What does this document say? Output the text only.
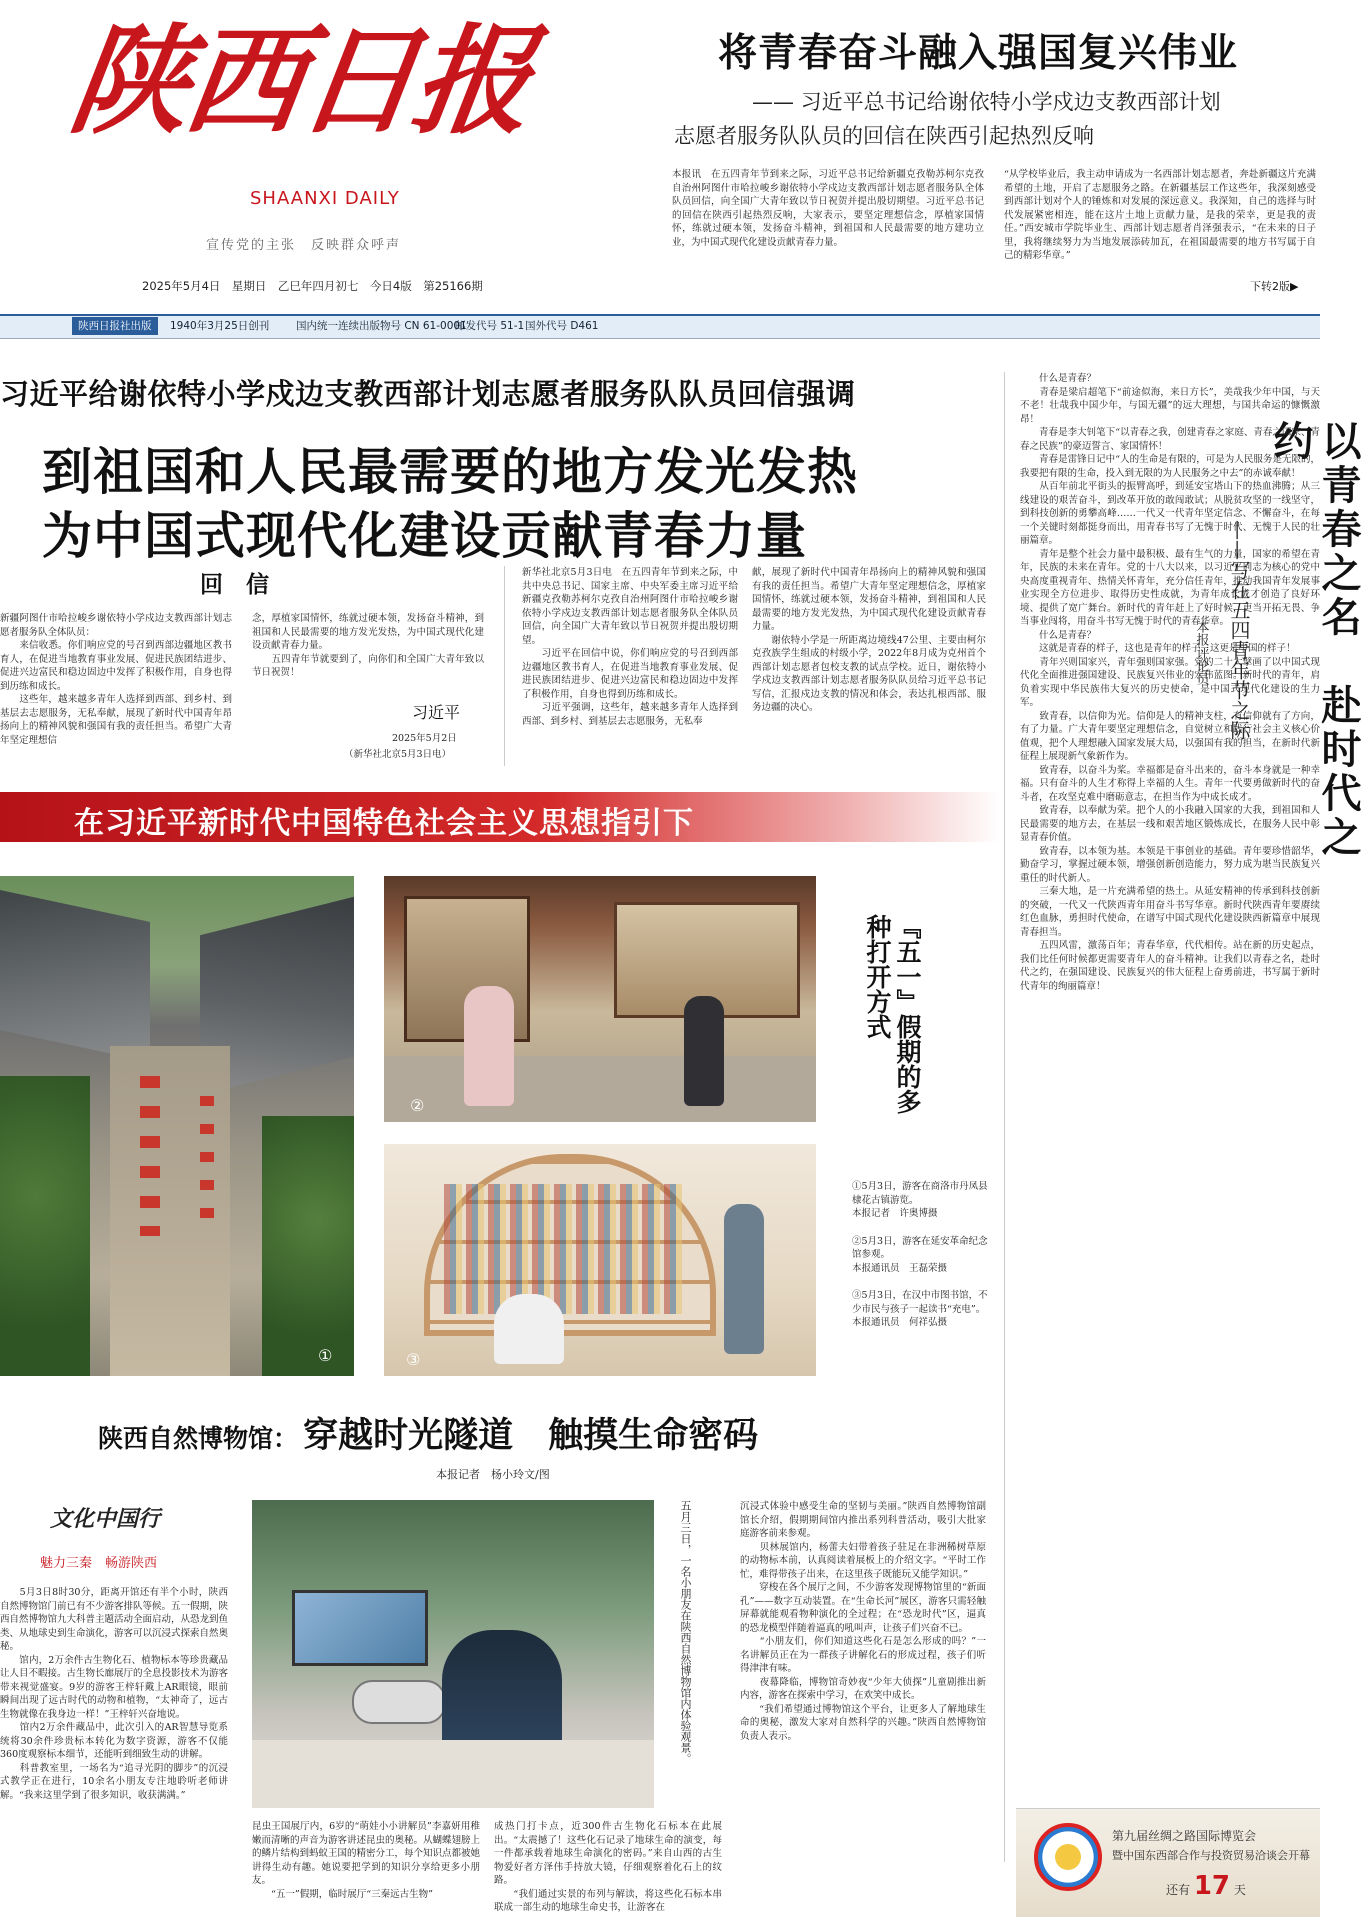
陕西日报
SHAANXI DAILY
宣传党的主张　反映群众呼声
2025年5月4日　星期日　乙巳年四月初七　今日4版　第25166期
将青春奋斗融入强国复兴伟业
—— 习近平总书记给谢依特小学戍边支教西部计划
志愿者服务队队员的回信在陕西引起热烈反响
本报讯　在五四青年节到来之际，习近平总书记给新疆克孜勒苏柯尔克孜自治州阿图什市哈拉峻乡谢依特小学戍边支教西部计划志愿者服务队全体队员回信，向全国广大青年致以节日祝贺并提出殷切期望。习近平总书记的回信在陕西引起热烈反响，大家表示，要坚定理想信念，厚植家国情怀，练就过硬本领，发扬奋斗精神，到祖国和人民最需要的地方建功立业，为中国式现代化建设贡献青春力量。
“从学校毕业后，我主动申请成为一名西部计划志愿者，奔赴新疆这片充满希望的土地，开启了志愿服务之路。在新疆基层工作这些年，我深刻感受到西部计划对个人的锤炼和对发展的深远意义。我深知，自己的选择与时代发展紧密相连，能在这片土地上贡献力量，是我的荣幸，更是我的责任。”西安城市学院毕业生、西部计划志愿者肖泽强表示，“在未来的日子里，我将继续努力为当地发展添砖加瓦，在祖国最需要的地方书写属于自己的精彩华章。”
下转2版▶
陕西日报社出版	1940年3月25日创刊	国内统一连续出版物号 CN 61-0001
邮发代号 51-1 国外代号 D461
习近平给谢依特小学戍边支教西部计划志愿者服务队队员回信强调
到祖国和人民最需要的地方发光发热
为中国式现代化建设贡献青春力量
回　信
新疆阿图什市哈拉峻乡谢依特小学戍边支教西部计划志愿者服务队全体队员：
　　来信收悉。你们响应党的号召到西部边疆地区教书育人，在促进当地教育事业发展、促进民族团结进步、促进兴边富民和稳边固边中发挥了积极作用，自身也得到历练和成长。
　　这些年，越来越多青年人选择到西部、到乡村、到基层去志愿服务，无私奉献，展现了新时代中国青年昂扬向上的精神风貌和强国有我的责任担当。希望广大青年坚定理想信
念，厚植家国情怀，练就过硬本领，发扬奋斗精神，到祖国和人民最需要的地方发光发热，为中国式现代化建设贡献青春力量。
　　五四青年节就要到了，向你们和全国广大青年致以节日祝贺！
习近平
2025年5月2日
（新华社北京5月3日电）
新华社北京5月3日电　在五四青年节到来之际，中共中央总书记、国家主席、中央军委主席习近平给新疆克孜勒苏柯尔克孜自治州阿图什市哈拉峻乡谢依特小学戍边支教西部计划志愿者服务队全体队员回信，向全国广大青年致以节日祝贺并提出殷切期望。
　　习近平在回信中说，你们响应党的号召到西部边疆地区教书育人，在促进当地教育事业发展、促进民族团结进步、促进兴边富民和稳边固边中发挥了积极作用，自身也得到历练和成长。
　　习近平强调，这些年，越来越多青年人选择到西部、到乡村、到基层去志愿服务，无私奉
献，展现了新时代中国青年昂扬向上的精神风貌和强国有我的责任担当。希望广大青年坚定理想信念，厚植家国情怀，练就过硬本领，发扬奋斗精神，到祖国和人民最需要的地方发光发热，为中国式现代化建设贡献青春力量。
　　谢依特小学是一所距离边境线47公里、主要由柯尔克孜族学生组成的村级小学，2022年8月成为克州首个西部计划志愿者包校支教的试点学校。近日，谢依特小学戍边支教西部计划志愿者服务队队员给习近平总书记写信，汇报戍边支教的情况和体会，表达扎根西部、服务边疆的决心。
在习近平新时代中国特色社会主义思想指引下
①
②
③
『五一』假期的多种打开方式
①5月3日，游客在商洛市丹凤县棣花古镇游览。
本报记者　许奥博摄
②5月3日，游客在延安革命纪念馆参观。
本报通讯员　王磊荣摄
③5月3日，在汉中市图书馆，不少市民与孩子一起读书“充电”。
本报通讯员　何祥弘摄
陕西自然博物馆： 穿越时光隧道　触摸生命密码
本报记者　杨小玲文/图
文化中国行
魅力三秦　畅游陕西
　　5月3日8时30分，距离开馆还有半个小时，陕西自然博物馆门前已有不少游客排队等候。五一假期，陕西自然博物馆九大科普主题活动全面启动，从恐龙到鱼类、从地球史到生命演化，游客可以沉浸式探索自然奥秘。
　　馆内，2万余件古生物化石、植物标本等珍贵藏品让人目不暇接。古生物长廊展厅的全息投影技术为游客带来视觉盛宴。9岁的游客王梓轩戴上AR眼镜，眼前瞬间出现了远古时代的动物和植物，“太神奇了，远古生物就像在我身边一样！”王梓轩兴奋地说。
　　馆内2万余件藏品中，此次引入的AR智慧导览系统将30余件珍贵标本转化为数字资源，游客不仅能360度观察标本细节，还能听到细致生动的讲解。
　　科普教室里，一场名为“追寻光阴的脚步”的沉浸式教学正在进行，10余名小朋友专注地聆听老师讲解。“我来这里学到了很多知识，收获满满。”
五月三日，一名小朋友在陕西自然博物馆内体验观景。
昆虫王国展厅内，6岁的“萌娃小小讲解员”李嘉妍用稚嫩而清晰的声音为游客讲述昆虫的奥秘。从蝴蝶翅膀上的鳞片结构到蚂蚁王国的精密分工，每个知识点都被她讲得生动有趣。她说要把学到的知识分享给更多小朋友。
　　“五一”假期，临时展厅“三秦远古生物”
成热门打卡点，近300件古生物化石标本在此展出。“太震撼了！这些化石记录了地球生命的演变，每一件都承载着地球生命演化的密码。”来自山西的古生物爱好者方泽伟手持放大镜，仔细观察着化石上的纹路。
　　“我们通过实景的布列与解读，将这些化石标本串联成一部生动的地球生命史书，让游客在
沉浸式体验中感受生命的坚韧与美丽。”陕西自然博物馆副馆长介绍，假期期间馆内推出系列科普活动，吸引大批家庭游客前来参观。
　　贝林展馆内，杨蕾夫妇带着孩子驻足在非洲稀树草原的动物标本前，认真阅读着展板上的介绍文字。“平时工作忙，难得带孩子出来，在这里孩子既能玩又能学知识。”
　　穿梭在各个展厅之间，不少游客发现博物馆里的“新面孔”——数字互动装置。在“生命长河”展区，游客只需轻触屏幕就能观看物种演化的全过程；在“恐龙时代”区，逼真的恐龙模型伴随着逼真的吼叫声，让孩子们兴奋不已。
　　“小朋友们，你们知道这些化石是怎么形成的吗？”一名讲解员正在为一群孩子讲解化石的形成过程，孩子们听得津津有味。
　　夜幕降临，博物馆奇妙夜“少年大侦探”儿童剧推出新内容，游客在探索中学习，在欢笑中成长。
　　“我们希望通过博物馆这个平台，让更多人了解地球生命的奥秘，激发大家对自然科学的兴趣。”陕西自然博物馆负责人表示。
以青春之名　赴时代之约
——写在五四青年节之际
本报评论员
　　什么是青春？
　　青春是梁启超笔下“前途似海，来日方长”，美哉我少年中国，与天不老！壮哉我中国少年，与国无疆”的远大理想，与国共命运的慷慨激昂！
　　青春是李大钊笔下“以青春之我，创建青春之家庭、青春之国家、青春之民族”的豪迈誓言、家国情怀！
　　青春是雷锋日记中“人的生命是有限的，可是为人民服务是无限的，我要把有限的生命，投入到无限的为人民服务之中去”的赤诚奉献！
　　从百年前北平街头的振臂高呼，到延安宝塔山下的热血沸腾；从三线建设的艰苦奋斗，到改革开放的敢闯敢试；从脱贫攻坚的一线坚守，到科技创新的勇攀高峰……一代又一代青年坚定信念、不懈奋斗，在每一个关键时刻都挺身而出，用青春书写了无愧于时代、无愧于人民的壮丽篇章。
　　青年是整个社会力量中最积极、最有生气的力量，国家的希望在青年，民族的未来在青年。党的十八大以来，以习近平同志为核心的党中央高度重视青年、热情关怀青年，充分信任青年，推动我国青年发展事业实现全方位进步、取得历史性成就，为青年成长成才创造了良好环境、提供了宽广舞台。新时代的青年赶上了好时候，更当开拓无畏、争当事业闯将，用奋斗书写无愧于时代的青春华章。
　　什么是青春？
　　这就是青春的样子，这也是青年的样子，这更是中国的样子！
　　青年兴则国家兴，青年强则国家强。党的二十大擘画了以中国式现代化全面推进强国建设、民族复兴伟业的宏伟蓝图。新时代的青年，肩负着实现中华民族伟大复兴的历史使命，是中国式现代化建设的生力军。
　　致青春，以信仰为光。信仰是人的精神支柱，有信仰就有了方向，有了力量。广大青年要坚定理想信念，自觉树立和践行社会主义核心价值观，把个人理想融入国家发展大局，以强国有我的担当，在新时代新征程上展现新气象新作为。
　　致青春，以奋斗为桨。幸福都是奋斗出来的，奋斗本身就是一种幸福。只有奋斗的人生才称得上幸福的人生。青年一代要勇做新时代的奋斗者，在攻坚克难中磨砺意志，在担当作为中成长成才。
　　致青春，以奉献为荣。把个人的小我融入国家的大我，到祖国和人民最需要的地方去，在基层一线和艰苦地区锻炼成长，在服务人民中彰显青春价值。
　　致青春，以本领为基。本领是干事创业的基础。青年要珍惜韶华，勤奋学习，掌握过硬本领，增强创新创造能力，努力成为堪当民族复兴重任的时代新人。
　　三秦大地，是一片充满希望的热土。从延安精神的传承到科技创新的突破，一代又一代陕西青年用奋斗书写华章。新时代陕西青年要赓续红色血脉，勇担时代使命，在谱写中国式现代化建设陕西新篇章中展现青春担当。
　　五四风雷，激荡百年；青春华章，代代相传。站在新的历史起点，我们比任何时候都更需要青年人的奋斗精神。让我们以青春之名，赴时代之约，在强国建设、民族复兴的伟大征程上奋勇前进，书写属于新时代青年的绚丽篇章！
第九届丝绸之路国际博览会
暨中国东西部合作与投资贸易洽谈会开幕
还有 17 天
